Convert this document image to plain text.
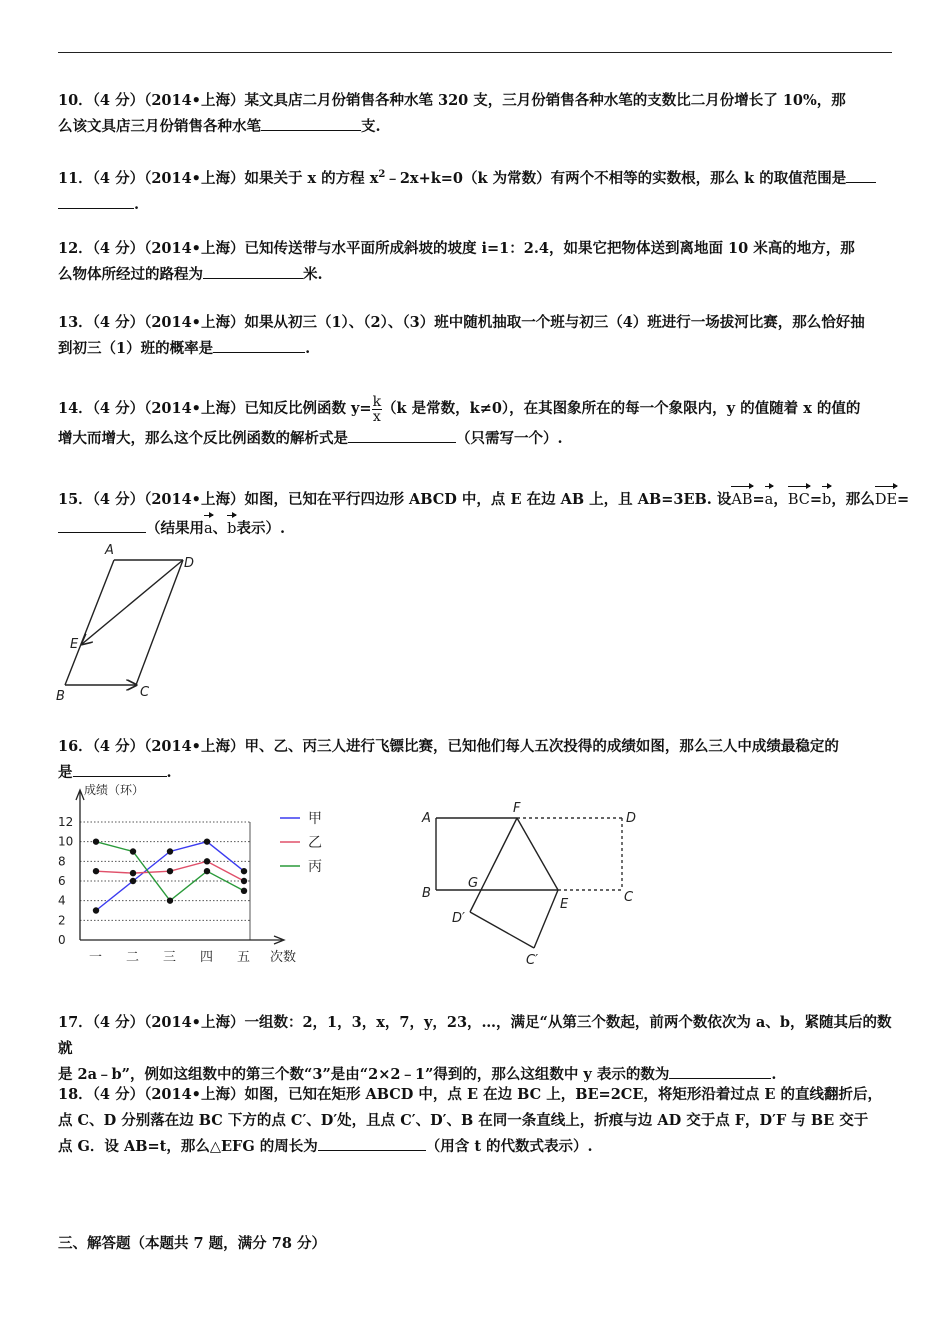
10．（4 分）（2014•上海）某文具店二月份销售各种水笔 320 支，三月份销售各种水笔的支数比二月份增长了 10%，那
么该文具店三月份销售各种水笔	支.
11．（4 分）（2014•上海）如果关于 x 的方程 $x^2﹣2x+k=0(k$ 为常数）有两个不相等的实数根，那么 k 的取值范围是
.
12．（4 分）（2014•上海）已知传送带与水平面所成斜坡的坡度 i=1：2.4，如果它把物体送到离地面 10 米高的地方，那
么物体所经过的路程为	米.
13．（4 分）（2014•上海）如果从初三（1）、（2）、（3）班中随机抽取一个班与初三（4）班进行一场拔河比赛，那么恰好抽
到初三（1）班的概率是	.
14．（4 分）（2014•上海）已知反比例函数 $y= \frac{k}{x} (k$ 是常数，k≠0），在其图象所在的每一个象限内，y 的值随着 x 的值的
增大而增大，那么这个反比例函数的解析式是	（只需写一个）.
15．（4 分）（2014•上海）如图，已知在平行四边形 ABCD 中，点 E 在边 AB 上，且 AB=3EB. 设AB=a，BC=b，那么DE=
（结果用a、b表示）.
A
D
E
B	C
16．（4 分）（2014•上海）甲、乙、丙三人进行飞镖比赛，已知他们每人五次投得的成绩如图，那么三人中成绩最稳定的
是	.
0
2
4
6
8
10
12
一 二 三 四 五
甲
乙
丙
成绩（环）
次数
A
F
D
B
G
E	C
D′
C′
17．（4 分）（2014•上海）一组数：2，1，3，x，7，y，23，…，满足“从第三个数起，前两个数依次为 a、b，紧随其后的数就
是 2a﹣b”，例如这组数中的第三个数“3”是由“2×2﹣1”得到的，那么这组数中 y 表示的数为	.
18．（4 分）（2014•上海）如图，已知在矩形 ABCD 中，点 E 在边 BC 上，BE=2CE，将矩形沿着过点 E 的直线翻折后，
点 C、D 分别落在边 BC 下方的点 C′、D′处，且点 C′、D′、B 在同一条直线上，折痕与边 AD 交于点 F，D′F 与 BE 交于
点 G．设 AB=t，那么△EFG 的周长为	（用含 t 的代数式表示）.
三、解答题（本题共 7 题，满分 78 分）
